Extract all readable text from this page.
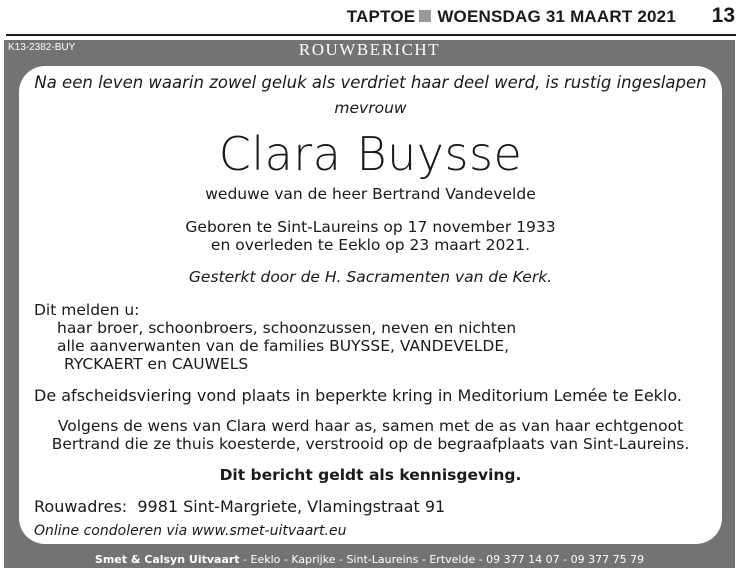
TAPTOE WOENSDAG 31 MAART 2021 13
K13-2382-BUY	ROUWBERICHT
Na een leven waarin zowel geluk als verdriet haar deel werd, is rustig ingeslapen
mevrouw
Clara Buysse
weduwe van de heer Bertrand Vandevelde
Geboren te Sint-Laureins op 17 november 1933
en overleden te Eeklo op 23 maart 2021.
Gesterkt door de H. Sacramenten van de Kerk.
Dit melden u:
haar broer, schoonbroers, schoonzussen, neven en nichten
alle aanverwanten van de families BUYSSE, VANDEVELDE,
RYCKAERT en CAUWELS
De afscheidsviering vond plaats in beperkte kring in Meditorium Lemée te Eeklo.
Volgens de wens van Clara werd haar as, samen met de as van haar echtgenoot
Bertrand die ze thuis koesterde, verstrooid op de begraafplaats van Sint-Laureins.
Dit bericht geldt als kennisgeving.
Rouwadres: 9981 Sint-Margriete, Vlamingstraat 91
Online condoleren via www.smet-uitvaart.eu
Smet & Calsyn Uitvaart - Eeklo - Kaprijke - Sint-Laureins - Ertvelde - 09 377 14 07 - 09 377 75 79
